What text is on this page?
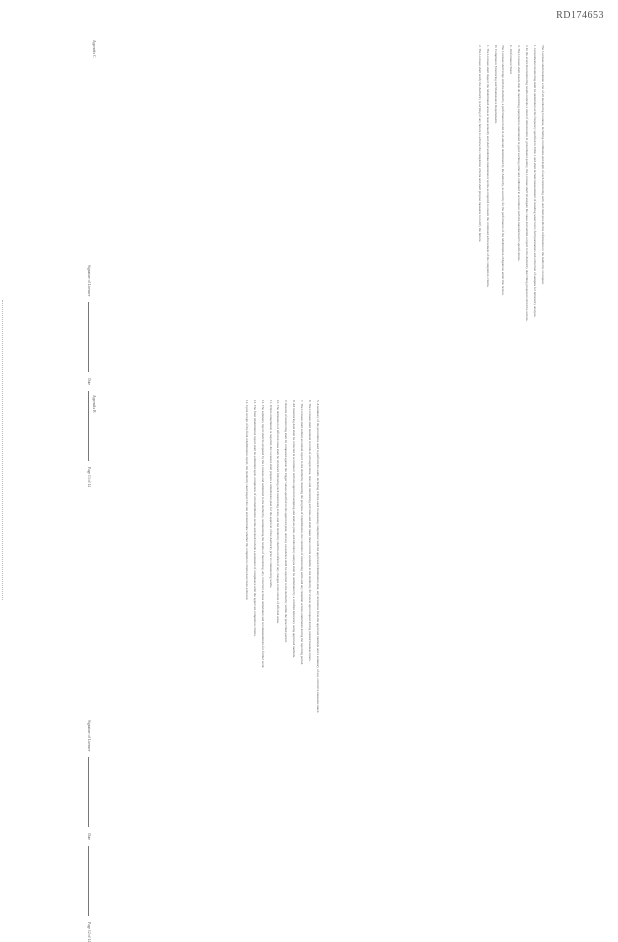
RD174653
Appendix B	5. A summary of the procedures used to perform the audit, including criteria used in assessing compliance with the approved rehabilitation plan, any deviations from the approved methods and a summary of any corrective measures taken.

6. The Licensee shall maintain records of all inspections, tests and monitoring activities and shall make these records available to the Authority for review upon request during normal business hours.

7. The Licensee shall submit an annual report to the Authority detailing the progress of rehabilitation, the condition of monitoring wells and any remedial actions undertaken during the reporting period.

8. All monitoring data shall be collected in accordance with the approved sampling and analysis plan, and laboratory analysis shall be undertaken by a certified laboratory using approved methods.

9. Results of monitoring shall be compared against the trigger values specified in the approved plan, and any exceedance shall be reported to the Authority within the prescribed period.

10. The delineation of affected areas shall be reviewed following each monitoring event, and the Authority shall be notified of any changes to the extent of affected areas.

11. Where remediation is required, the Licensee shall prepare a remediation plan for the approval of the Authority prior to commencing works.

12. The summary report shall be prepared by the Licensee and submitted to the Authority, summarising the results of monitoring, any corrective actions undertaken and recommendations for further work.

13. The final rehabilitation report shall be submitted upon completion of all rehabilitation works and shall include a statement of compliance with the approved completion criteria.

14. Upon receipt of the final rehabilitation report, the Authority shall inspect the site and determine whether the completion criteria have been achieved.

Signature of LicenseeDatePage 12 of 14
Appendix C	The Licensee shall maintain a list of all monitoring locations, including coordinates and depth of each monitoring well, and shall provide this information to the Authority on request.

1. Groundwater monitoring shall be undertaken at the frequency specified in Table 1 and shall include measurement of standing water level, field parameters and collection of samples for laboratory analysis.

2. In the event that monitoring results indicate a trend of deterioration in groundwater quality, the Licensee shall investigate the cause and submit a report to the Authority describing proposed corrective actions.

3. The Licensee shall ensure that all monitoring equipment is maintained in good working order and calibrated in accordance with the manufacturer's specifications.

C. Performance Bond

The Licensee shall lodge with the Authority a performance bond in an amount determined by the Authority, as security for the performance of the rehabilitation obligations under this licence.

D. Compliance Monitoring and Maintenance Requirements

1. The Licensee shall inspect the rehabilitated areas at least annually and shall undertake maintenance works as required to ensure the continued achievement of the completion criteria.

2. The Licensee shall notify the Authority in writing of any failure to achieve the completion criteria and shall propose measures to rectify the failure.

Signature of LicenseeDatePage 13 of 14
